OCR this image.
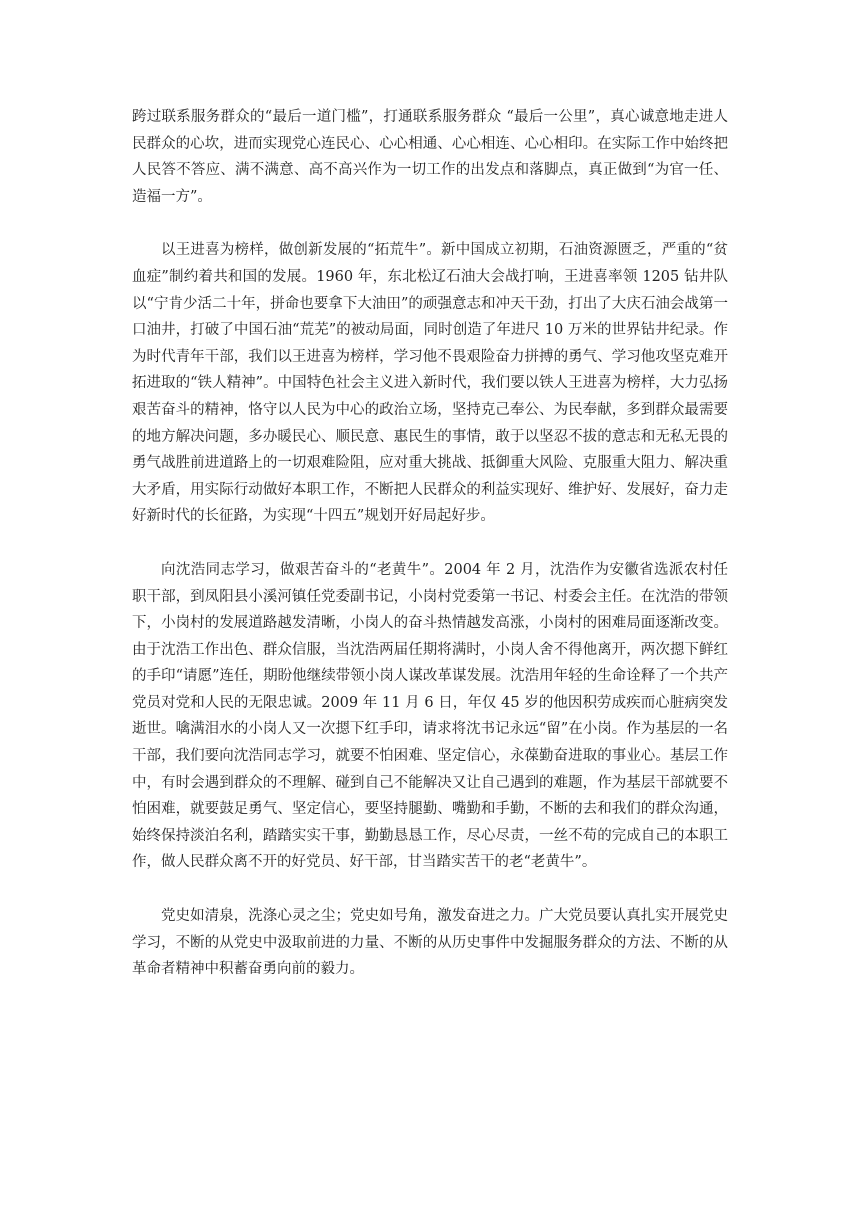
跨过联系服务群众的“最后一道门槛”，打通联系服务群众 “最后一公里”，真心诚意地走进人民群众的心坎，进而实现党心连民心、心心相通、心心相连、心心相印。在实际工作中始终把人民答不答应、满不满意、高不高兴作为一切工作的出发点和落脚点，真正做到“为官一任、造福一方”。

以王进喜为榜样，做创新发展的“拓荒牛”。新中国成立初期，石油资源匮乏，严重的“贫血症”制约着共和国的发展。1960 年，东北松辽石油大会战打响，王进喜率领 1205 钻井队以“宁肯少活二十年，拼命也要拿下大油田”的顽强意志和冲天干劲，打出了大庆石油会战第一口油井，打破了中国石油“荒芜”的被动局面，同时创造了年进尺 10 万米的世界钻井纪录。作为时代青年干部，我们以王进喜为榜样，学习他不畏艰险奋力拼搏的勇气、学习他攻坚克难开拓进取的“铁人精神”。中国特色社会主义进入新时代，我们要以铁人王进喜为榜样，大力弘扬艰苦奋斗的精神，恪守以人民为中心的政治立场，坚持克己奉公、为民奉献，多到群众最需要的地方解决问题，多办暖民心、顺民意、惠民生的事情，敢于以坚忍不拔的意志和无私无畏的勇气战胜前进道路上的一切艰难险阻，应对重大挑战、抵御重大风险、克服重大阻力、解决重大矛盾，用实际行动做好本职工作，不断把人民群众的利益实现好、维护好、发展好，奋力走好新时代的长征路，为实现“十四五”规划开好局起好步。

向沈浩同志学习，做艰苦奋斗的“老黄牛”。2004 年 2 月，沈浩作为安徽省选派农村任职干部，到凤阳县小溪河镇任党委副书记，小岗村党委第一书记、村委会主任。在沈浩的带领下，小岗村的发展道路越发清晰，小岗人的奋斗热情越发高涨，小岗村的困难局面逐渐改变。由于沈浩工作出色、群众信服，当沈浩两届任期将满时，小岗人舍不得他离开，两次摁下鲜红的手印“请愿”连任，期盼他继续带领小岗人谋改革谋发展。沈浩用年轻的生命诠释了一个共产党员对党和人民的无限忠诚。2009 年 11 月 6 日，年仅 45 岁的他因积劳成疾而心脏病突发逝世。噙满泪水的小岗人又一次摁下红手印，请求将沈书记永远“留”在小岗。作为基层的一名干部，我们要向沈浩同志学习，就要不怕困难、坚定信心，永葆勤奋进取的事业心。基层工作中，有时会遇到群众的不理解、碰到自己不能解决又让自己遇到的难题，作为基层干部就要不怕困难，就要鼓足勇气、坚定信心，要坚持腿勤、嘴勤和手勤，不断的去和我们的群众沟通，始终保持淡泊名利，踏踏实实干事，勤勤恳恳工作，尽心尽责，一丝不苟的完成自己的本职工作，做人民群众离不开的好党员、好干部，甘当踏实苦干的老“老黄牛”。

党史如清泉，洗涤心灵之尘；党史如号角，激发奋进之力。广大党员要认真扎实开展党史学习，不断的从党史中汲取前进的力量、不断的从历史事件中发掘服务群众的方法、不断的从革命者精神中积蓄奋勇向前的毅力。
